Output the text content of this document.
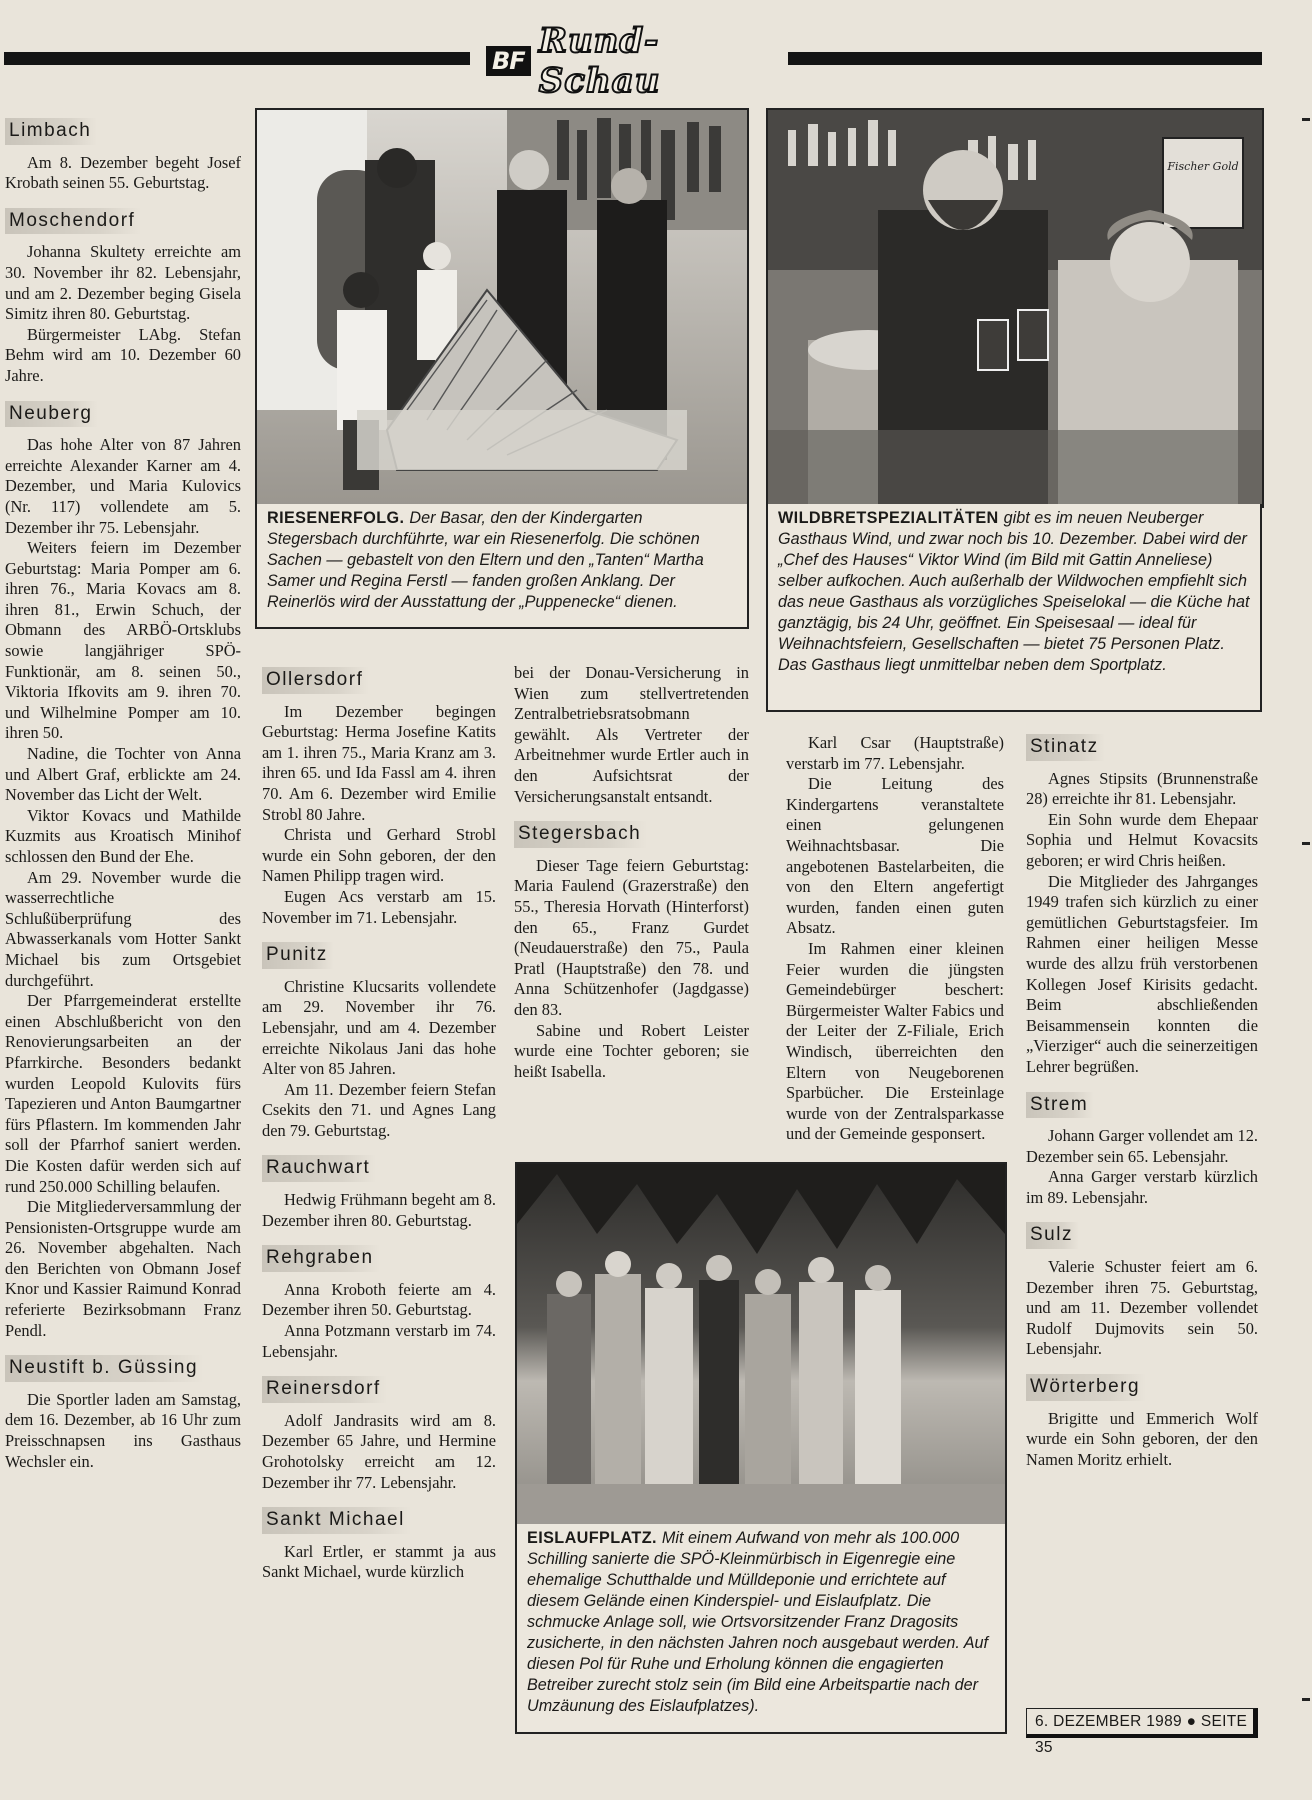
BF Rund-Schau
Limbach

Am 8. Dezember begeht Josef Krobath seinen 55. Geburtstag.

Moschendorf

Johanna Skultety erreichte am 30. November ihr 82. Lebensjahr, und am 2. Dezember beging Gisela Simitz ihren 80. Geburtstag.

Bürgermeister LAbg. Stefan Behm wird am 10. Dezember 60 Jahre.

Neuberg

Das hohe Alter von 87 Jahren erreichte Alexander Karner am 4. Dezember, und Maria Kulovics (Nr. 117) vollendete am 5. Dezember ihr 75. Lebensjahr.

Weiters feiern im Dezember Geburtstag: Maria Pomper am 6. ihren 76., Maria Kovacs am 8. ihren 81., Erwin Schuch, der Obmann des ARBÖ-Ortsklubs sowie langjähriger SPÖ-Funktionär, am 8. seinen 50., Viktoria Ifkovits am 9. ihren 70. und Wilhelmine Pomper am 10. ihren 50.

Nadine, die Tochter von Anna und Albert Graf, erblickte am 24. November das Licht der Welt.

Viktor Kovacs und Mathilde Kuzmits aus Kroatisch Minihof schlossen den Bund der Ehe.

Am 29. November wurde die wasserrechtliche Schlußüberprüfung des Abwasserkanals vom Hotter Sankt Michael bis zum Ortsgebiet durchgeführt.

Der Pfarrgemeinderat erstellte einen Abschlußbericht von den Renovierungsarbeiten an der Pfarrkirche. Besonders bedankt wurden Leopold Kulovits fürs Tapezieren und Anton Baumgartner fürs Pflastern. Im kommenden Jahr soll der Pfarrhof saniert werden. Die Kosten dafür werden sich auf rund 250.000 Schilling belaufen.

Die Mitgliederversammlung der Pensionisten-Ortsgruppe wurde am 26. November abgehalten. Nach den Berichten von Obmann Josef Knor und Kassier Raimund Konrad referierte Bezirksobmann Franz Pendl.

Neustift b. Güssing

Die Sportler laden am Samstag, dem 16. Dezember, ab 16 Uhr zum Preisschnapsen ins Gasthaus Wechsler ein.

RIESENERFOLG. Der Basar, den der Kindergarten Stegersbach durchführte, war ein Riesenerfolg. Die schönen Sachen — gebastelt von den Eltern und den „Tanten“ Martha Samer und Regina Ferstl — fanden großen Anklang. Der Reinerlös wird der Ausstattung der „Puppenecke“ dienen.
Fischer Gold
WILDBRETSPEZIALITÄTEN gibt es im neuen Neuberger Gasthaus Wind, und zwar noch bis 10. Dezember. Dabei wird der „Chef des Hauses“ Viktor Wind (im Bild mit Gattin Anneliese) selber aufkochen. Auch außerhalb der Wildwochen empfiehlt sich das neue Gasthaus als vorzügliches Speiselokal — die Küche hat ganztägig, bis 24 Uhr, geöffnet. Ein Speisesaal — ideal für Weihnachtsfeiern, Gesellschaften — bietet 75 Personen Platz. Das Gasthaus liegt unmittelbar neben dem Sportplatz.
Ollersdorf

Im Dezember begingen Geburtstag: Herma Josefine Katits am 1. ihren 75., Maria Kranz am 3. ihren 65. und Ida Fassl am 4. ihren 70. Am 6. Dezember wird Emilie Strobl 80 Jahre.

Christa und Gerhard Strobl wurde ein Sohn geboren, der den Namen Philipp tragen wird.

Eugen Acs verstarb am 15. November im 71. Lebensjahr.

Punitz

Christine Klucsarits vollendete am 29. November ihr 76. Lebensjahr, und am 4. Dezember erreichte Nikolaus Jani das hohe Alter von 85 Jahren.

Am 11. Dezember feiern Stefan Csekits den 71. und Agnes Lang den 79. Geburtstag.

Rauchwart

Hedwig Frühmann begeht am 8. Dezember ihren 80. Geburtstag.

Rehgraben

Anna Kroboth feierte am 4. Dezember ihren 50. Geburtstag.

Anna Potzmann verstarb im 74. Lebensjahr.

Reinersdorf

Adolf Jandrasits wird am 8. Dezember 65 Jahre, und Hermine Grohotolsky erreicht am 12. Dezember ihr 77. Lebensjahr.

Sankt Michael

Karl Ertler, er stammt ja aus Sankt Michael, wurde kürzlich

bei der Donau-Versicherung in Wien zum stellvertretenden Zentralbetriebsratsobmann gewählt. Als Vertreter der Arbeitnehmer wurde Ertler auch in den Aufsichtsrat der Versicherungsanstalt entsandt.

Stegersbach

Dieser Tage feiern Geburtstag: Maria Faulend (Grazerstraße) den 55., Theresia Horvath (Hinterforst) den 65., Franz Gurdet (Neudauerstraße) den 75., Paula Pratl (Hauptstraße) den 78. und Anna Schützenhofer (Jagdgasse) den 83.

Sabine und Robert Leister wurde eine Tochter geboren; sie heißt Isabella.

Karl Csar (Hauptstraße) verstarb im 77. Lebensjahr.

Die Leitung des Kindergartens veranstaltete einen gelungenen Weihnachtsbasar. Die angebotenen Bastelarbeiten, die von den Eltern angefertigt wurden, fanden einen guten Absatz.

Im Rahmen einer kleinen Feier wurden die jüngsten Gemeindebürger beschert: Bürgermeister Walter Fabics und der Leiter der Z-Filiale, Erich Windisch, überreichten den Eltern von Neugeborenen Sparbücher. Die Ersteinlage wurde von der Zentralsparkasse und der Gemeinde gesponsert.

EISLAUFPLATZ. Mit einem Aufwand von mehr als 100.000 Schilling sanierte die SPÖ-Kleinmürbisch in Eigenregie eine ehemalige Schutthalde und Mülldeponie und errichtete auf diesem Gelände einen Kinderspiel- und Eislaufplatz. Die schmucke Anlage soll, wie Ortsvorsitzender Franz Dragosits zusicherte, in den nächsten Jahren noch ausgebaut werden. Auf diesen Pol für Ruhe und Erholung können die engagierten Betreiber zurecht stolz sein (im Bild eine Arbeitspartie nach der Umzäunung des Eislaufplatzes).
Stinatz

Agnes Stipsits (Brunnenstraße 28) erreichte ihr 81. Lebensjahr.

Ein Sohn wurde dem Ehepaar Sophia und Helmut Kovacsits geboren; er wird Chris heißen.

Die Mitglieder des Jahrganges 1949 trafen sich kürzlich zu einer gemütlichen Geburtstagsfeier. Im Rahmen einer heiligen Messe wurde des allzu früh verstorbenen Kollegen Josef Kirisits gedacht. Beim abschließenden Beisammensein konnten die „Vierziger“ auch die seinerzeitigen Lehrer begrüßen.

Strem

Johann Garger vollendet am 12. Dezember sein 65. Lebensjahr.

Anna Garger verstarb kürzlich im 89. Lebensjahr.

Sulz

Valerie Schuster feiert am 6. Dezember ihren 75. Geburtstag, und am 11. Dezember vollendet Rudolf Dujmovits sein 50. Lebensjahr.

Wörterberg

Brigitte und Emmerich Wolf wurde ein Sohn geboren, der den Namen Moritz erhielt.

6. DEZEMBER 1989 ● SEITE 35
